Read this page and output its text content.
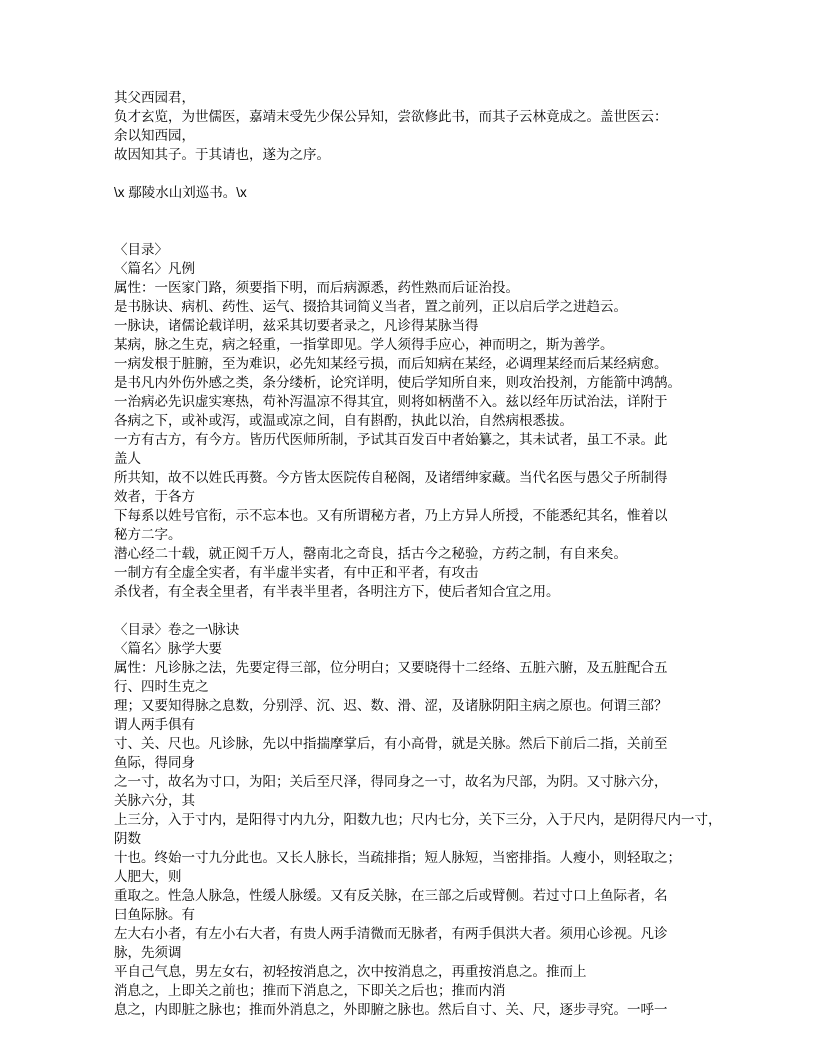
其父西园君，
负才玄览，为世儒医，嘉靖末受先少保公异知，尝欲修此书，而其子云林竟成之。盖世医云：
余以知西园，
故因知其子。于其请也，遂为之序。
\x 鄢陵水山刘巡书。\x
〈目录〉
〈篇名〉凡例
属性：一医家门路，须要指下明，而后病源悉，药性熟而后证治投。
是书脉诀、病机、药性、运气、掇拾其词简义当者，置之前列，正以启后学之进趋云。
一脉诀，诸儒论载详明，兹采其切要者录之，凡诊得某脉当得
某病，脉之生克，病之轻重，一指掌即见。学人须得手应心，神而明之，斯为善学。
一病发根于脏腑，至为难识，必先知某经亏损，而后知病在某经，必调理某经而后某经病愈。
是书凡内外伤外感之类，条分缕析，论究详明，使后学知所自来，则攻治投剂，方能箭中鸿鹄。
一治病必先识虚实寒热，苟补泻温凉不得其宜，则将如柄凿不入。兹以经年历试治法，详附于
各病之下，或补或泻，或温或凉之间，自有斟酌，执此以治，自然病根悉拔。
一方有古方，有今方。皆历代医师所制，予试其百发百中者始纂之，其未试者，虽工不录。此
盖人
所共知，故不以姓氏再赘。今方皆太医院传自秘阁，及诸缙绅家藏。当代名医与愚父子所制得
效者，于各方
下每系以姓号官衔，示不忘本也。又有所谓秘方者，乃上方异人所授，不能悉纪其名，惟着以
秘方二字。
潜心经二十载，就正阅千万人，罄南北之奇良，括古今之秘验，方药之制，有自来矣。
一制方有全虚全实者，有半虚半实者，有中正和平者，有攻击
杀伐者，有全表全里者，有半表半里者，各明注方下，使后者知合宜之用。
〈目录〉卷之一\脉诀
〈篇名〉脉学大要
属性：凡诊脉之法，先要定得三部，位分明白；又要晓得十二经络、五脏六腑，及五脏配合五
行、四时生克之
理；又要知得脉之息数，分别浮、沉、迟、数、滑、涩，及诸脉阴阳主病之原也。何谓三部？
谓人两手俱有
寸、关、尺也。凡诊脉，先以中指揣摩掌后，有小高骨，就是关脉。然后下前后二指，关前至
鱼际，得同身
之一寸，故名为寸口，为阳；关后至尺泽，得同身之一寸，故名为尺部，为阴。又寸脉六分，
关脉六分，其
上三分，入于寸内，是阳得寸内九分，阳数九也；尺内七分，关下三分，入于尺内，是阴得尺内一寸，
阴数
十也。终始一寸九分此也。又长人脉长，当疏排指；短人脉短，当密排指。人瘦小，则轻取之；
人肥大，则
重取之。性急人脉急，性缓人脉缓。又有反关脉，在三部之后或臂侧。若过寸口上鱼际者，名
曰鱼际脉。有
左大右小者，有左小右大者，有贵人两手清微而无脉者，有两手俱洪大者。须用心诊视。凡诊
脉，先须调
平自己气息，男左女右，初轻按消息之，次中按消息之，再重按消息之。推而上
消息之，上即关之前也；推而下消息之，下即关之后也；推而内消
息之，内即脏之脉也；推而外消息之，外即腑之脉也。然后自寸、关、尺，逐步寻究。一呼一
